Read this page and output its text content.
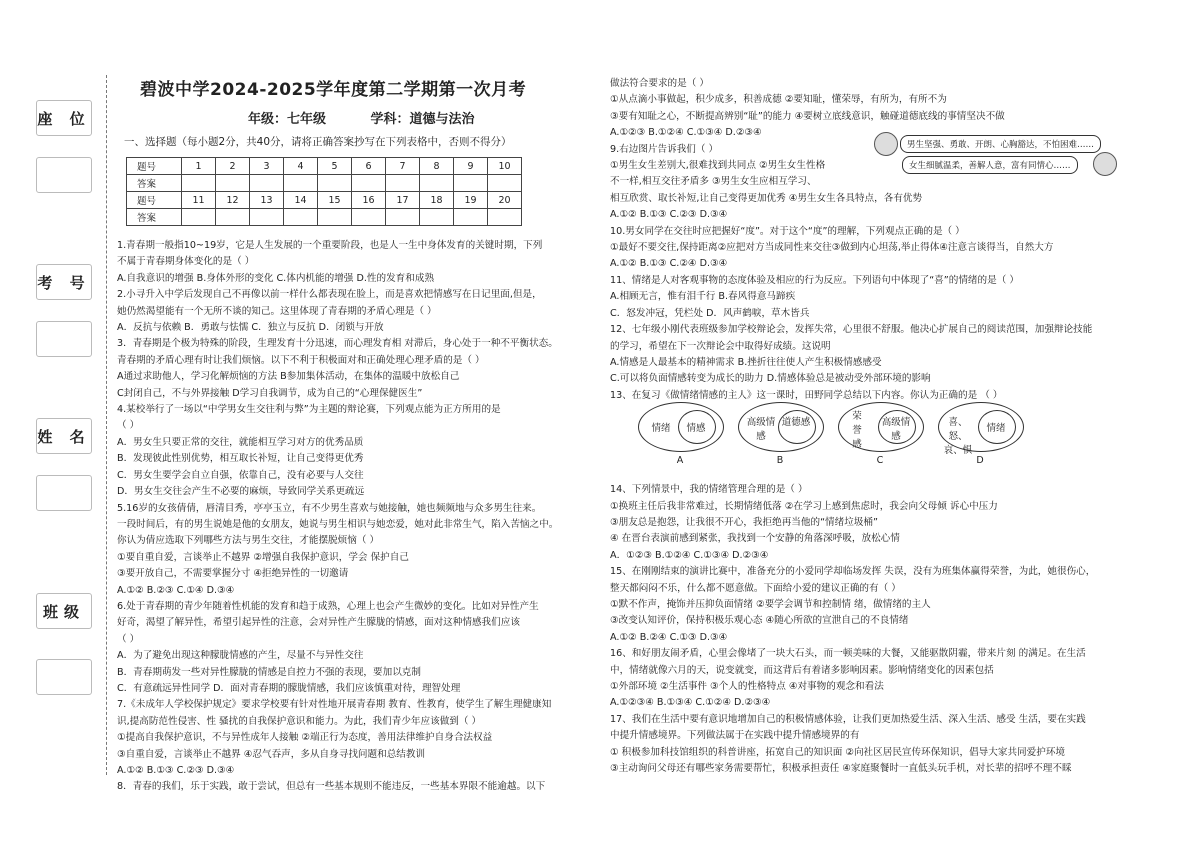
座 位
考 号
姓 名
班级
碧波中学2024-2025学年度第二学期第一次月考
年级：七年级	学科：道德与法治
一、选择题（每小题2分，共40分，请将正确答案抄写在下列表格中，否则不得分）
题号	1	2	3	4	5	6	7	8	9	10
答案										
题号	11	12	13	14	15	16	17	18	19	20
答案										

1.青春期一般指10~19岁，它是人生发展的一个重要阶段，也是人一生中身体发育的关键时期，下列

不属于青春期身体变化的是（ ）

A.自我意识的增强 B.身体外形的变化 C.体内机能的增强 D.性的发育和成熟

2.小寻升入中学后发现自己不再像以前一样什么都表现在脸上，而是喜欢把情感写在日记里面,但是，

她仍然渴望能有一个无所不谈的知己。这里体现了青春期的矛盾心理是（ ）

A．反抗与依赖 B．勇敢与怯懦 C．独立与反抗 D．闭锁与开放

3．青春期是个极为特殊的阶段，生理发育十分迅速，而心理发育相 对滞后，身心处于一种不平衡状态。

青春期的矛盾心理有时让我们烦恼。以下不利于积极面对和正确处理心理矛盾的是（ ）

A通过求助他人，学习化解烦恼的方法 B参加集体活动，在集体的温暖中放松自己

C封闭自己，不与外界接触 D学习自我调节，成为自己的“心理保健医生”

4.某校举行了一场以“中学男女生交往利与弊”为主题的辩论赛，下列观点能为正方所用的是

（ ）

A．男女生只要正常的交往，就能相互学习对方的优秀品质

B．发现彼此性别优势，相互取长补短，让自己变得更优秀

C．男女生要学会自立自强，依靠自己，没有必要与人交往

D．男女生交往会产生不必要的麻烦，导致同学关系更疏远

5.16岁的女孩倩倩，唇清目秀，亭亭玉立，有不少男生喜欢与她接触，她也频频地与众多男生往来。

一段时间后，有的男生说她是他的女朋友，她说与男生相识与她恋爱，她对此非常生气，陷入苦恼之中。

你认为倩应选取下列哪些方法与男生交往，才能摆脱烦恼（ ）

①要自重自爱，言谈举止不越界 ②增强自我保护意识，学会 保护自己

③要开放自己，不需要掌握分寸 ④拒绝异性的一切邀请

A.①② B.②③ C.①④ D.③④

6.处于青春期的青少年随着性机能的发育和趋于成熟，心理上也会产生微妙的变化。比如对异性产生

好奇，渴望了解异性，希望引起异性的注意，会对异性产生朦胧的情感，面对这种情感我们应该

（ ）

A．为了避免出现这种朦胧情感的产生，尽量不与异性交往

B．青春期萌发一些对异性朦胧的情感是自控力不强的表现，要加以克制

C．有意疏远异性同学 D．面对青春期的朦胧情感，我们应该慎重对待，理智处理

7.《未成年人学校保护规定》要求学校要有针对性地开展青春期 教育、性教育，使学生了解生理健康知

识,提高防范性侵害、性 骚扰的自我保护意识和能力。为此，我们青少年应该做到（ ）

①提高自我保护意识，不与异性成年人接触 ②端正行为态度，善用法律维护自身合法权益

③自重自爱，言谈举止不越界 ④忍气吞声，多从自身寻找问题和总结教训

A.①② B.①③ C.②③ D.③④

8．青春的我们，乐于实践，敢于尝试，但总有一些基本规则不能违反，一些基本界限不能逾越。以下

做法符合要求的是（ ）

①从点滴小事做起，积少成多，积善成德 ②要知耻，懂荣辱，有所为，有所不为

③要有知耻之心，不断提高辨别“耻”的能力 ④要树立底线意识，触碰道德底线的事情坚决不做

A.①②③ B.①②④ C.①③④ D.②③④

9.右边图片告诉我们（ ）

①男生女生差别大,很难找到共同点 ②男生女生性格

不一样,相互交往矛盾多 ③男生女生应相互学习、

相互欣赏、取长补短,让自己变得更加优秀 ④男生女生各具特点，各有优势

A.①② B.①③ C.②③ D.③④

10.男女同学在交往时应把握好“度”。对于这个“度”的理解，下列观点正确的是（ ）

①最好不要交往,保持距离②应把对方当成同性来交往③做到内心坦荡,举止得体④注意言谈得当，自然大方

A.①② B.①③ C.②④ D.③④

11、情绪是人对客观事物的态度体验及相应的行为反应。下列语句中体现了“喜”的情绪的是（ ）

A.相顾无言，惟有泪千行 B.春风得意马蹄疾

C．怒发冲冠，凭栏处 D．风声鹤唳，草木皆兵

12、七年级小刚代表班级参加学校辩论会，发挥失常，心里很不舒服。他决心扩展自己的阅读范围，加强辩论技能

的学习，希望在下一次辩论会中取得好成绩。这说明

A.情感是人最基本的精神需求 B.挫折往往使人产生积极情感感受

C.可以将负面情感转变为成长的助力 D.情感体验总是被动受外部环境的影响

13、在复习《做情绪情感的主人》这一课时，田野同学总结以下内容。你认为正确的是 （ ）

14、下列情景中，我的情绪管理合理的是（ ）

①换班主任后我非常难过，长期情绪低落 ②在学习上感到焦虑时，我会向父母倾 诉心中压力

③朋友总是抱怨，让我很不开心，我拒绝再当他的“情绪垃圾桶”

④ 在晋台表演前感到紧张，我找到一个安静的角落深呼吸，放松心情

A．①②③ B.①②④ C.①③④ D.②③④

15、在刚刚结束的演讲比赛中，准备充分的小爱同学却临场发挥 失误，没有为班集体赢得荣誉，为此，她很伤心，

整天都闷闷不乐，什么都不愿意做。下面给小爱的建议正确的有（ ）

①默不作声，掩饰并压抑负面情绪 ②要学会调节和控制情 绪，做情绪的主人

③改变认知评价，保持积极乐观心态 ④随心所欲的宣泄自己的不良情绪

A.①② B.②④ C.①③ D.③④

16、和好朋友闹矛盾，心里会像堵了一块大石头，而一顿美味的大餐，又能驱散阴霾，带来片刻 的满足。在生活

中，情绪就像六月的天，说变就变，而这背后有着诸多影响因素。影响情绪变化的因素包括

①外部环境 ②生活事件 ③个人的性格特点 ④对事物的观念和看法

A.①②③④ B.①③④ C.①②④ D.②③④

17、我们在生活中要有意识地增加自己的积极情感体验，让我们更加热爱生活、深入生活、感受 生活，要在实践

中提升情感境界。下列做法属于在实践中提升情感境界的有

① 积极参加科技馆组织的科普讲座，拓宽自己的知识面 ②向社区居民宣传环保知识，倡导大家共同爱护环境

③主动询问父母还有哪些家务需要帮忙，积极承担责任 ④家庭聚餐时一直低头玩手机，对长辈的招呼不理不睬

男生坚强、勇敢、开朗、心胸豁达，不怕困难……
女生细腻温柔，善解人意，富有同情心……
情绪	情感
A
高级情感
道德感
B
荣誉感
高级情感
C
喜、怒、哀、惧
情绪
D
